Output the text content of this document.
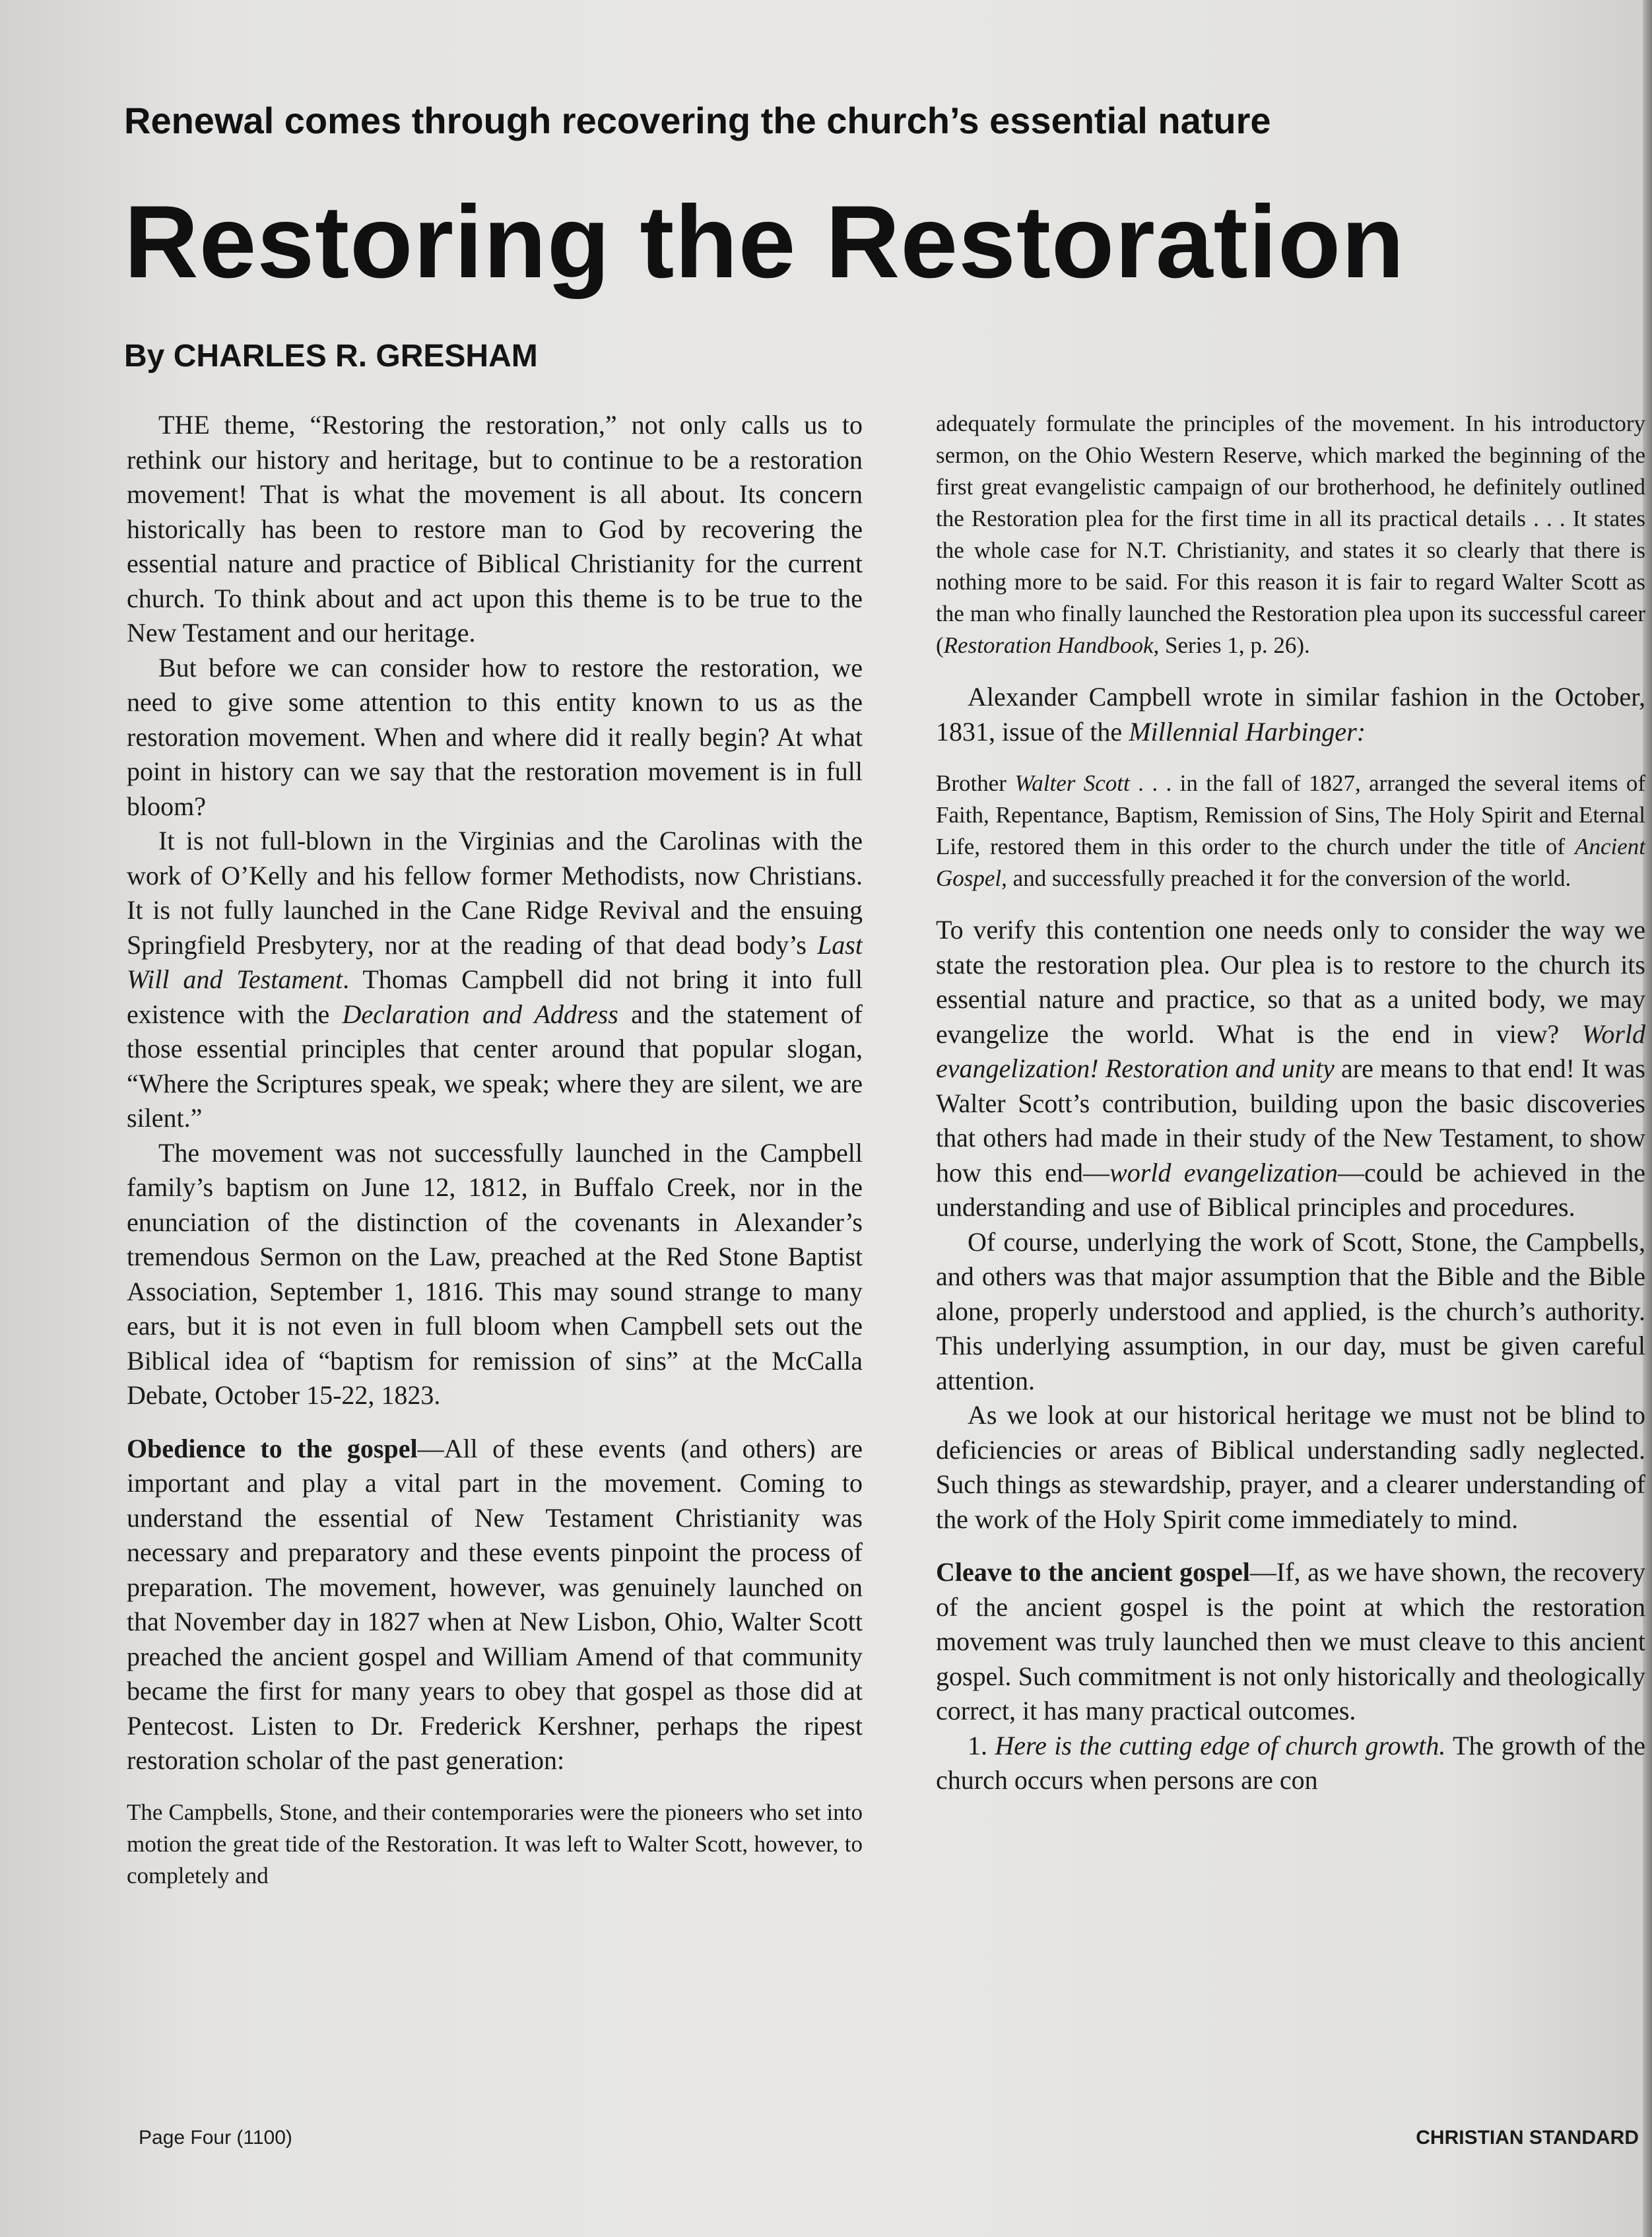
Renewal comes through recovering the church’s essential nature
Restoring the Restoration
By CHARLES R. GRESHAM

THE theme, “Restoring the restoration,” not only calls us to rethink our history and heritage, but to continue to be a restoration movement! That is what the movement is all about. Its concern historically has been to restore man to God by recovering the essential nature and practice of Biblical Christianity for the current church. To think about and act upon this theme is to be true to the New Testament and our heritage.

But before we can consider how to restore the restoration, we need to give some attention to this entity known to us as the restoration movement. When and where did it really begin? At what point in history can we say that the restoration movement is in full bloom?

It is not full-blown in the Virginias and the Carolinas with the work of O’Kelly and his fellow former Methodists, now Christians. It is not fully launched in the Cane Ridge Revival and the ensuing Springfield Presbytery, nor at the reading of that dead body’s Last Will and Testament. Thomas Campbell did not bring it into full existence with the Declaration and Address and the statement of those essential principles that center around that popular slogan, “Where the Scriptures speak, we speak; where they are silent, we are silent.”

The movement was not successfully launched in the Campbell family’s baptism on June 12, 1812, in Buffalo Creek, nor in the enunciation of the distinction of the covenants in Alexander’s tremendous Sermon on the Law, preached at the Red Stone Baptist Association, September 1, 1816. This may sound strange to many ears, but it is not even in full bloom when Campbell sets out the Biblical idea of “baptism for remission of sins” at the McCalla Debate, October 15-22, 1823.

Obedience to the gospel—All of these events (and others) are important and play a vital part in the movement. Coming to understand the essential of New Testament Christianity was necessary and preparatory and these events pinpoint the process of preparation. The movement, however, was genuinely launched on that November day in 1827 when at New Lisbon, Ohio, Walter Scott preached the ancient gospel and William Amend of that community became the first for many years to obey that gospel as those did at Pentecost. Listen to Dr. Frederick Kershner, perhaps the ripest restoration scholar of the past generation:

The Campbells, Stone, and their contemporaries were the pioneers who set into motion the great tide of the Restoration. It was left to Walter Scott, however, to completely and
adequately formulate the principles of the movement. In his introductory sermon, on the Ohio Western Reserve, which marked the beginning of the first great evangelistic campaign of our brotherhood, he definitely outlined the Restoration plea for the first time in all its practical details . . . It states the whole case for N.T. Christianity, and states it so clearly that there is nothing more to be said. For this reason it is fair to regard Walter Scott as the man who finally launched the Restoration plea upon its successful career (Restoration Handbook, Series 1, p. 26).

Alexander Campbell wrote in similar fashion in the October, 1831, issue of the Millennial Harbinger:

Brother Walter Scott . . . in the fall of 1827, arranged the several items of Faith, Repentance, Baptism, Remission of Sins, The Holy Spirit and Eternal Life, restored them in this order to the church under the title of Ancient Gospel, and successfully preached it for the conversion of the world.

To verify this contention one needs only to consider the way we state the restoration plea. Our plea is to restore to the church its essential nature and practice, so that as a united body, we may evangelize the world. What is the end in view? World evangelization! Restoration and unity are means to that end! It was Walter Scott’s contribution, building upon the basic discoveries that others had made in their study of the New Testament, to show how this end—world evangelization—could be achieved in the understanding and use of Biblical principles and procedures.

Of course, underlying the work of Scott, Stone, the Campbells, and others was that major assumption that the Bible and the Bible alone, properly understood and applied, is the church’s authority. This underlying assumption, in our day, must be given careful attention.

As we look at our historical heritage we must not be blind to deficiencies or areas of Biblical understanding sadly neglected. Such things as stewardship, prayer, and a clearer understanding of the work of the Holy Spirit come immediately to mind.

Cleave to the ancient gospel—If, as we have shown, the recovery of the ancient gospel is the point at which the restoration movement was truly launched then we must cleave to this ancient gospel. Such commitment is not only historically and theologically correct, it has many practical outcomes.

1. Here is the cutting edge of church growth. The growth of the church occurs when persons are con

Page Four (1100)	CHRISTIAN STANDARD
